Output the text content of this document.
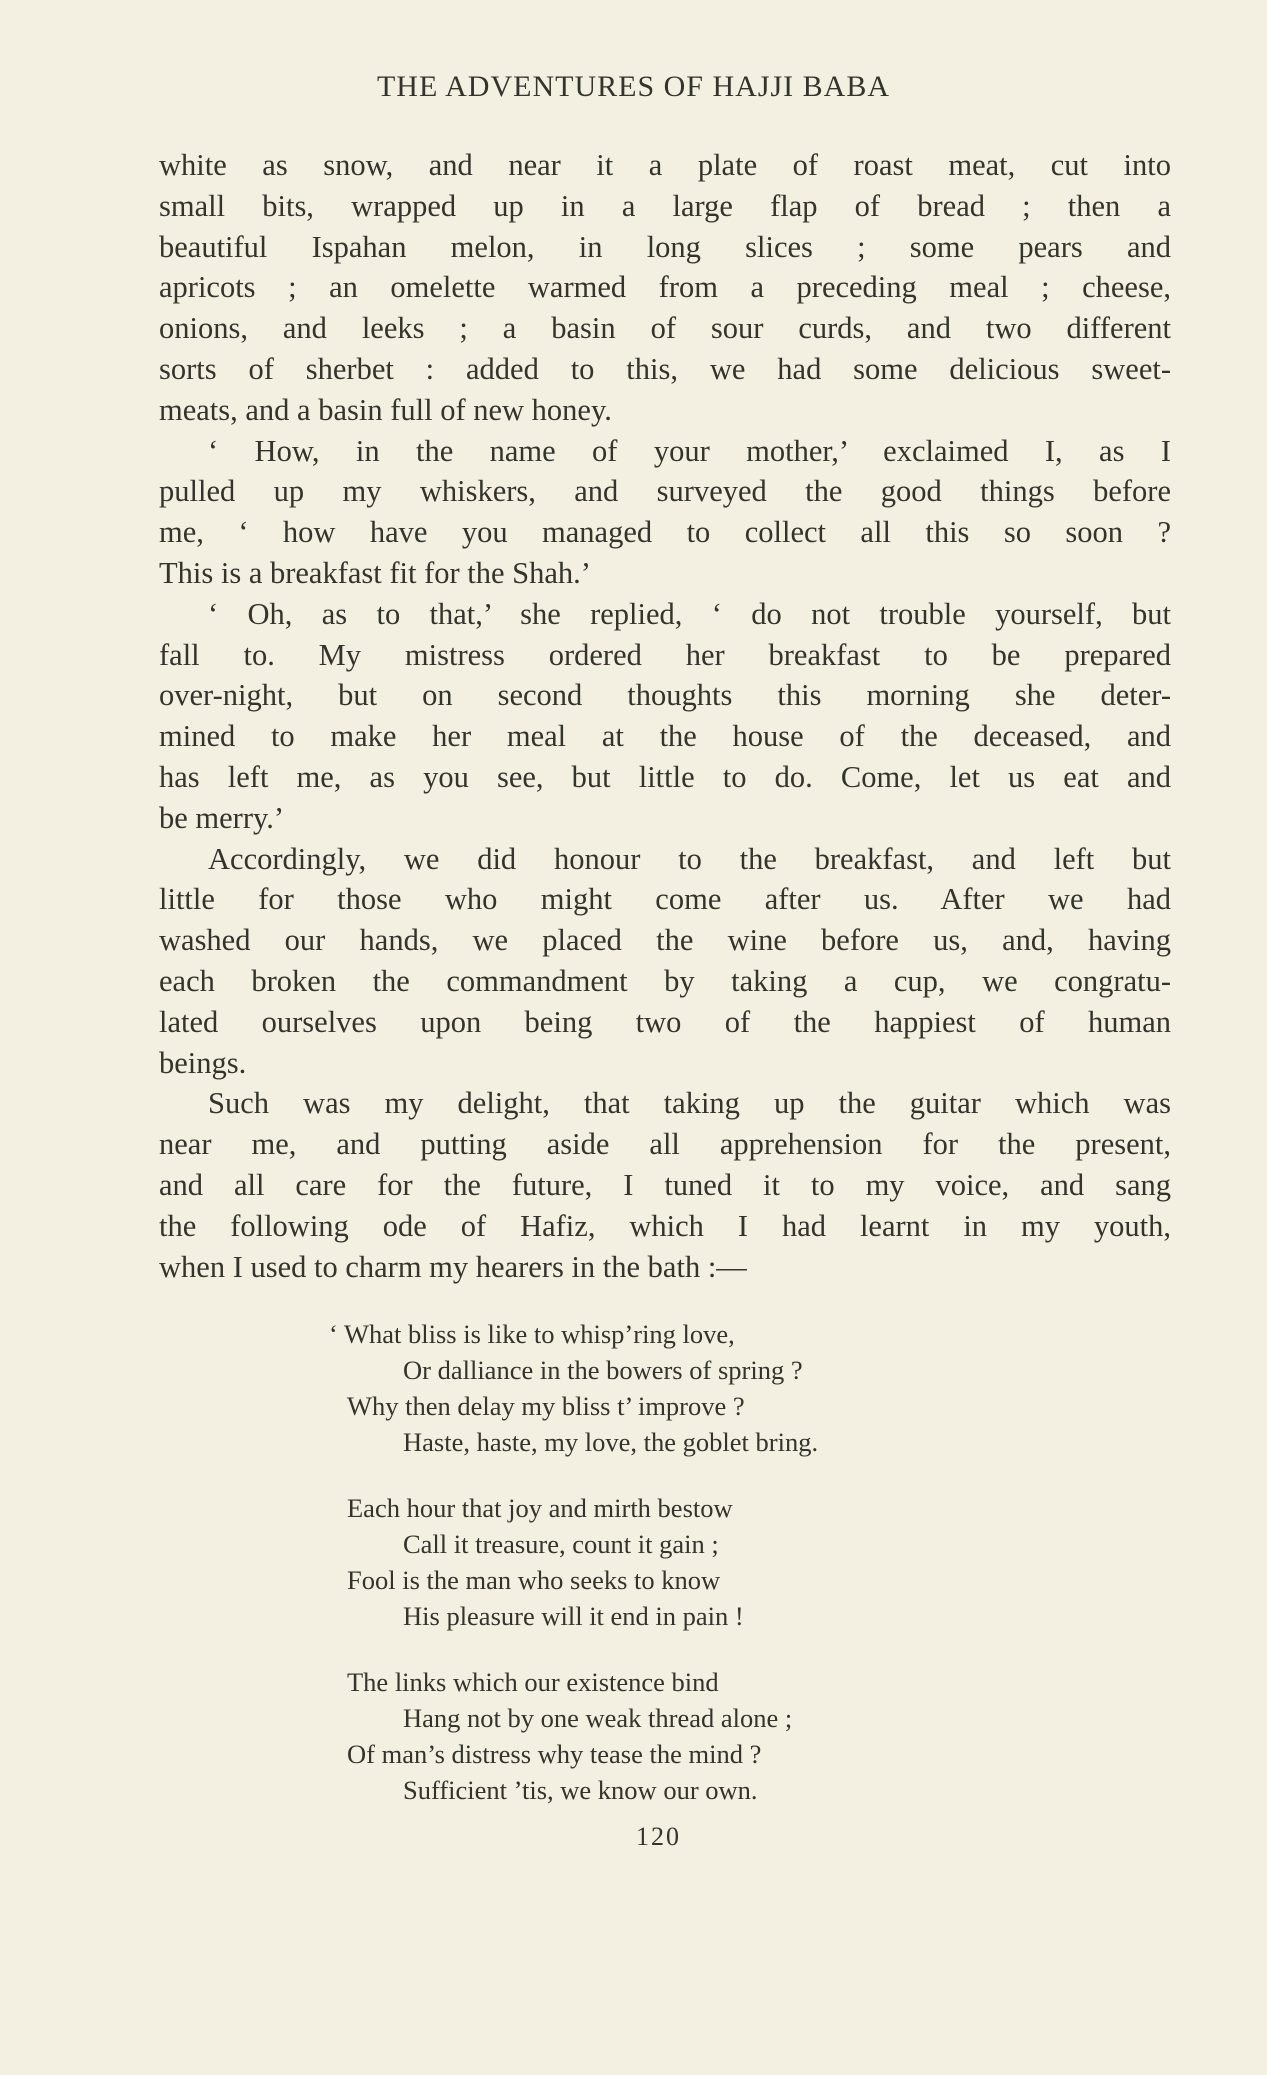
THE ADVENTURES OF HAJJI BABA
white as snow, and near it a plate of roast meat, cut into
small bits, wrapped up in a large flap of bread ; then a
beautiful Ispahan melon, in long slices ; some pears and
apricots ; an omelette warmed from a preceding meal ; cheese,
onions, and leeks ; a basin of sour curds, and two different
sorts of sherbet : added to this, we had some delicious sweet-
meats, and a basin full of new honey.
‘ How, in the name of your mother,’ exclaimed I, as I
pulled up my whiskers, and surveyed the good things before
me, ‘ how have you managed to collect all this so soon ?
This is a breakfast fit for the Shah.’
‘ Oh, as to that,’ she replied, ‘ do not trouble yourself, but
fall to. My mistress ordered her breakfast to be prepared
over-night, but on second thoughts this morning she deter-
mined to make her meal at the house of the deceased, and
has left me, as you see, but little to do. Come, let us eat and
be merry.’
Accordingly, we did honour to the breakfast, and left but
little for those who might come after us. After we had
washed our hands, we placed the wine before us, and, having
each broken the commandment by taking a cup, we congratu-
lated ourselves upon being two of the happiest of human
beings.
Such was my delight, that taking up the guitar which was
near me, and putting aside all apprehension for the present,
and all care for the future, I tuned it to my voice, and sang
the following ode of Hafiz, which I had learnt in my youth,
when I used to charm my hearers in the bath :—
‘ What bliss is like to whisp’ring love,
Or dalliance in the bowers of spring ?
Why then delay my bliss t’ improve ?
Haste, haste, my love, the goblet bring.
Each hour that joy and mirth bestow
Call it treasure, count it gain ;
Fool is the man who seeks to know
His pleasure will it end in pain !
The links which our existence bind
Hang not by one weak thread alone ;
Of man’s distress why tease the mind ?
Sufficient ’tis, we know our own.
120
